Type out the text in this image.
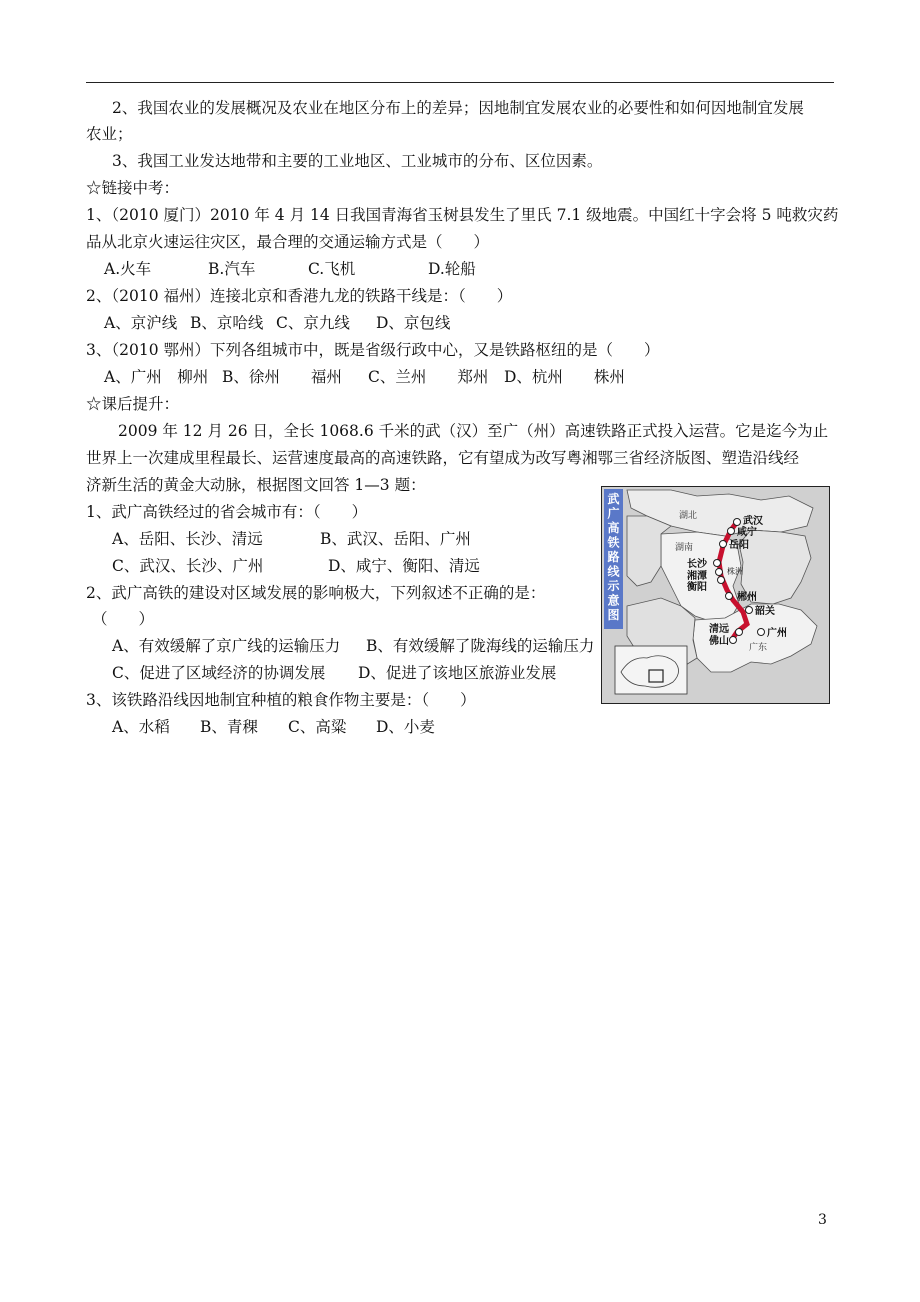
2、我国农业的发展概况及农业在地区分布上的差异；因地制宜发展农业的必要性和如何因地制宜发展
农业；
3、我国工业发达地带和主要的工业地区、工业城市的分布、区位因素。
☆链接中考：
1、（2010 厦门）2010 年 4 月 14 日我国青海省玉树县发生了里氏 7.1 级地震。中国红十字会将 5 吨救灾药
品从北京火速运往灾区，最合理的交通运输方式是（　　）
A.火车	B.汽车	C.飞机	D.轮船
2、（2010 福州）连接北京和香港九龙的铁路干线是：（　　）
A、京沪线 B、京哈线 C、京九线 D、京包线
3、（2010 鄂州）下列各组城市中，既是省级行政中心，又是铁路枢纽的是（　　）
A、广州　柳州 B、徐州　　福州 C、兰州　　郑州 D、杭州　　株州
☆课后提升：
2009 年 12 月 26 日，全长 1068.6 千米的武（汉）至广（州）高速铁路正式投入运营。它是迄今为止
世界上一次建成里程最长、运营速度最高的高速铁路，它有望成为改写粤湘鄂三省经济版图、塑造沿线经
济新生活的黄金大动脉，根据图文回答 1—3 题：
1、武广高铁经过的省会城市有：（　　）
A、岳阳、长沙、清远	B、武汉、岳阳、广州
C、武汉、长沙、广州	D、咸宁、衡阳、清远
2、武广高铁的建设对区域发展的影响极大，下列叙述不正确的是：
（　　）
A、有效缓解了京广线的运输压力 B、有效缓解了陇海线的运输压力
C、促进了区域经济的协调发展 D、促进了该地区旅游业发展
3、该铁路沿线因地制宜种植的粮食作物主要是：（　　）
A、水稻 B、青稞 C、高粱 D、小麦
武广高铁路线示意图
湖北
湖南
广东
武汉
咸宁
岳阳
长沙
湘潭
衡阳
株洲
郴州
韶关
清远	广州
佛山
3
